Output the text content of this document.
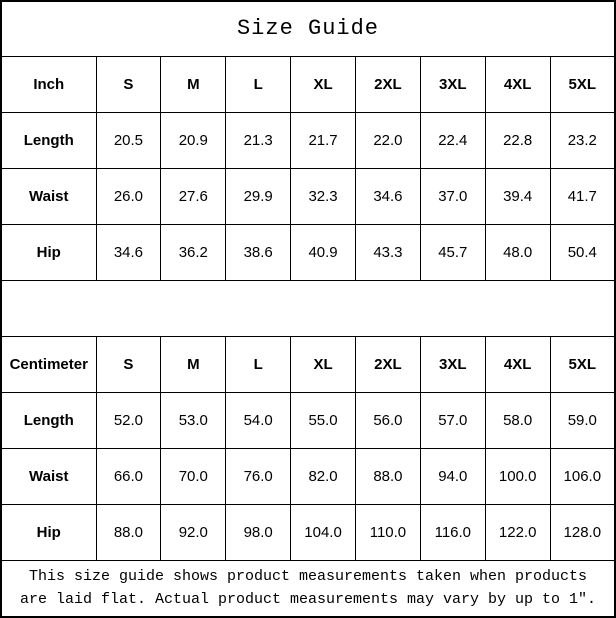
Size Guide								
Inch	S	M	L	XL	2XL	3XL	4XL	5XL
Length	20.5	20.9	21.3	21.7	22.0	22.4	22.8	23.2
Waist	26.0	27.6	29.9	32.3	34.6	37.0	39.4	41.7
Hip	34.6	36.2	38.6	40.9	43.3	45.7	48.0	50.4

Centimeter	S	M	L	XL	2XL	3XL	4XL	5XL
Length	52.0	53.0	54.0	55.0	56.0	57.0	58.0	59.0
Waist	66.0	70.0	76.0	82.0	88.0	94.0	100.0	106.0
Hip	88.0	92.0	98.0	104.0	110.0	116.0	122.0	128.0

This size guide shows product measurements taken when products
are laid flat. Actual product measurements may vary by up to 1″.								
